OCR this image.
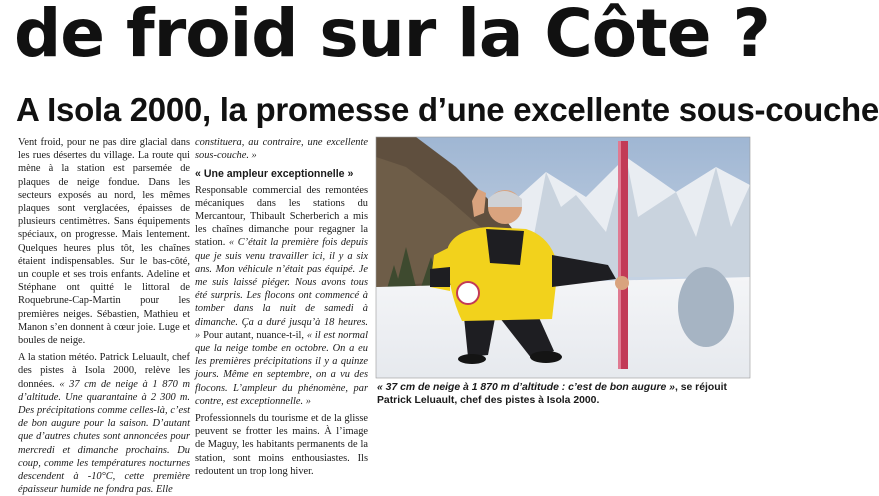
de froid sur la Côte ?
A Isola 2000, la promesse d’une excellente sous-couche

Vent froid, pour ne pas dire glacial dans les rues désertes du village. La route qui mène à la station est parsemée de plaques de neige fondue. Dans les secteurs exposés au nord, les mêmes plaques sont verglacées, épaisses de plusieurs centimètres. Sans équipements spéciaux, on progresse. Mais lentement. Quelques heures plus tôt, les chaînes étaient indispensables. Sur le bas-côté, un couple et ses trois enfants. Adeline et Stéphane ont quitté le littoral de Roquebrune-Cap-Martin pour les premières neiges. Sébastien, Mathieu et Manon s’en donnent à cœur joie. Luge et boules de neige.

A la station météo. Patrick Leluault, chef des pistes à Isola 2000, relève les données. « 37 cm de neige à 1 870 m d’altitude. Une quarantaine à 2 300 m. Des précipitations comme celles-là, c’est de bon augure pour la saison. D’autant que d’autres chutes sont annoncées pour mercredi et dimanche prochains. Du coup, comme les températures nocturnes descendent à -10°C, cette première épaisseur humide ne fondra pas. Elle

constituera, au contraire, une excellente sous-couche. »

« Une ampleur exceptionnelle »

Responsable commercial des remontées mécaniques dans les stations du Mercantour, Thibault Scherberich a mis les chaînes dimanche pour regagner la station. « C’était la première fois depuis que je suis venu travailler ici, il y a six ans. Mon véhicule n’était pas équipé. Je me suis laissé piéger. Nous avons tous été surpris. Les flocons ont commencé à tomber dans la nuit de samedi à dimanche. Ça a duré jusqu’à 18 heures. » Pour autant, nuance-t-il, « il est normal que la neige tombe en octobre. On a eu les premières précipitations il y a quinze jours. Même en septembre, on a vu des flocons. L’ampleur du phénomène, par contre, est exceptionnelle. »

Professionnels du tourisme et de la glisse peuvent se frotter les mains. À l’image de Maguy, les habitants permanents de la station, sont moins enthousiastes. Ils redoutent un trop long hiver.

« 37 cm de neige à 1 870 m d’altitude : c’est de bon augure », se réjouit Patrick Leluault, chef des pistes à Isola 2000.
